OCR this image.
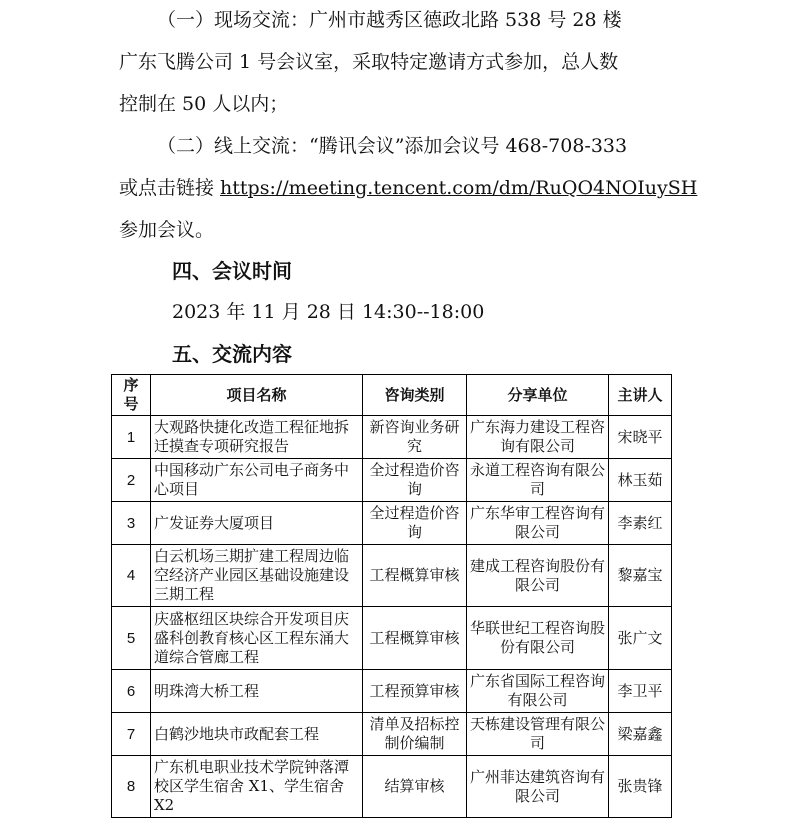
（一）现场交流：广州市越秀区德政北路 538 号 28 楼
广东飞腾公司 1 号会议室，采取特定邀请方式参加，总人数
控制在 50 人以内；
（二）线上交流：“腾讯会议”添加会议号 468-708-333
或点击链接 https://meeting.tencent.com/dm/RuQO4NOIuySH
参加会议。
四、会议时间
2023 年 11 月 28 日 14:30--18:00
五、交流内容
序号	项目名称	咨询类别	分享单位	主讲人
1	大观路快捷化改造工程征地拆迁摸查专项研究报告	新咨询业务研究	广东海力建设工程咨询有限公司	宋晓平
2	中国移动广东公司电子商务中心项目	全过程造价咨询	永道工程咨询有限公司	林玉茹
3	广发证券大厦项目	全过程造价咨询	广东华审工程咨询有限公司	李素红
4	白云机场三期扩建工程周边临空经济产业园区基础设施建设三期工程	工程概算审核	建成工程咨询股份有限公司	黎嘉宝
5	庆盛枢纽区块综合开发项目庆盛科创教育核心区工程东涌大道综合管廊工程	工程概算审核	华联世纪工程咨询股份有限公司	张广文
6	明珠湾大桥工程	工程预算审核	广东省国际工程咨询有限公司	李卫平
7	白鹤沙地块市政配套工程	清单及招标控制价编制	天栋建设管理有限公司	梁嘉鑫
8	广东机电职业技术学院钟落潭校区学生宿舍 X1、学生宿舍 X2	结算审核	广州菲达建筑咨询有限公司	张贵锋
